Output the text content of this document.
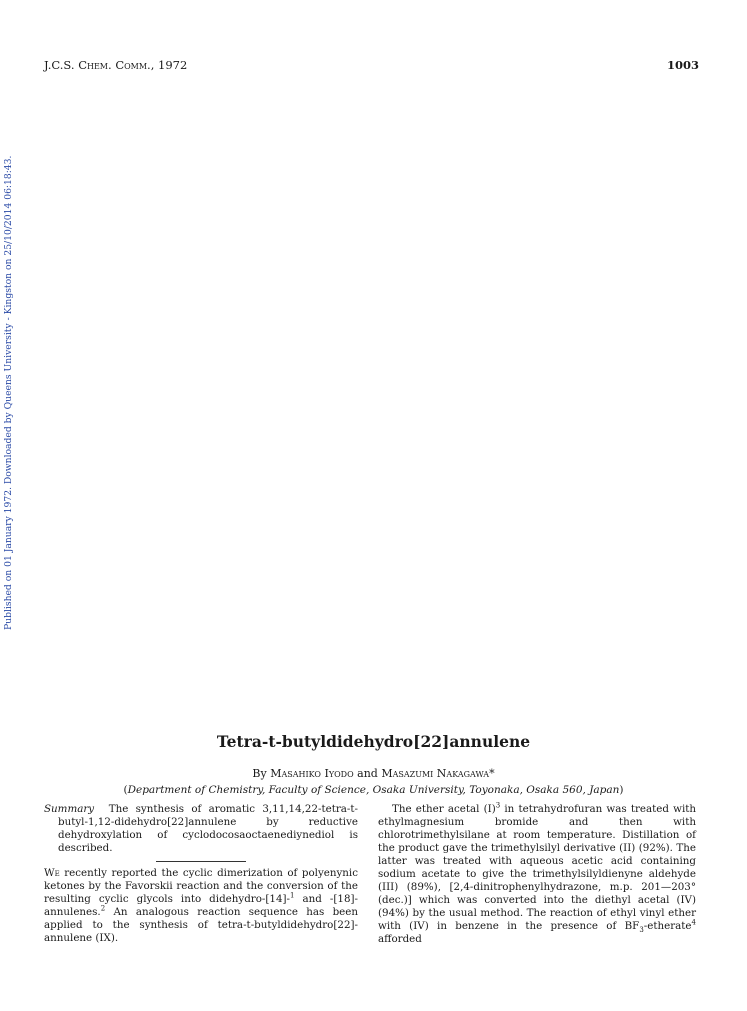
J.C.S. Chem. Comm., 1972	1003
Published on 01 January 1972. Downloaded by Queens University - Kingston on 25/10/2014 06:18:43.
Tetra-t-butyldidehydro[22]annulene
By Masahiko Iyodo and Masazumi Nakagawa*
(Department of Chemistry, Faculty of Science, Osaka University, Toyonaka, Osaka 560, Japan)

Summary The synthesis of aromatic 3,11,14,22-tetra-t-butyl-1,12-didehydro[22]annulene by reductive dehydroxylation of cyclodocosaoctaenediynediol is described.

We recently reported the cyclic dimerization of polyenynic ketones by the Favorskii reaction and the conversion of the resulting cyclic glycols into didehydro-[14]-$^1$ and -[18]-annulenes.$^2$ An analogous reaction sequence has been applied to the synthesis of tetra-t-butyldidehydro[22]-annulene (IX).

The ether acetal $(I)^3$ in tetrahydrofuran was treated with ethylmagnesium bromide and then with chlorotrimethylsilane at room temperature. Distillation of the product gave the trimethylsilyl derivative (II) (92%). The latter was treated with aqueous acetic acid containing sodium acetate to give the trimethylsilyldienyne aldehyde (III) (89%), [2,4-dinitrophenylhydrazone, m.p. 201—203° (dec.)] which was converted into the diethyl acetal (IV) (94%) by the usual method. The reaction of ethyl vinyl ether with (IV) in benzene in the presence of $BF_3-etherate^4$ afforded
